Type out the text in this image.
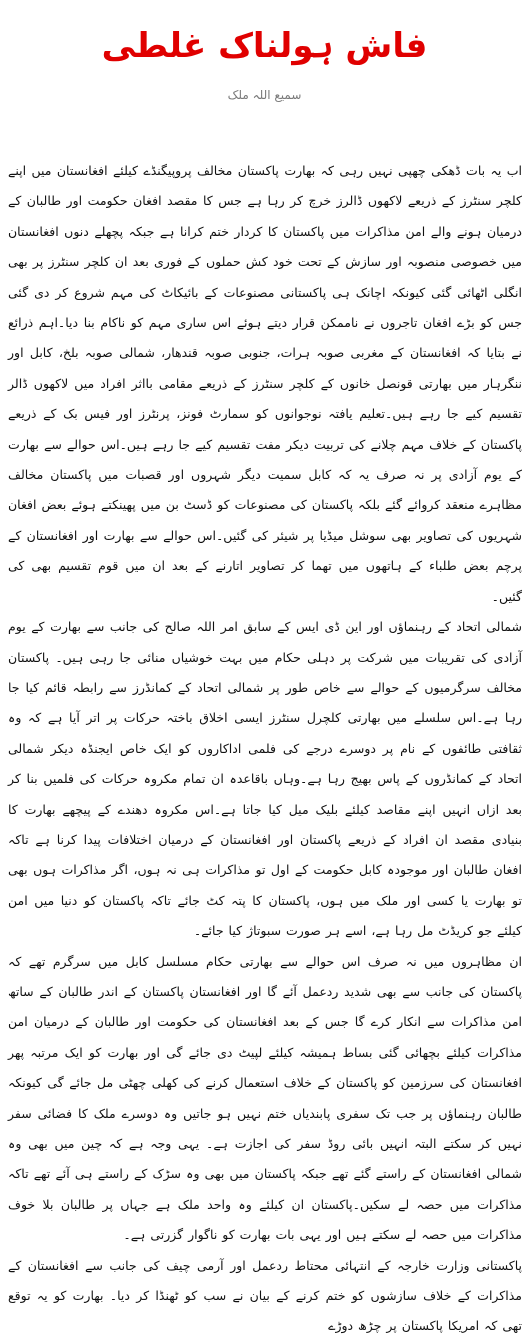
فاش ہولناک غلطی
سمیع اللہ ملک

اب یہ بات ڈھکی چھپی نہیں رہی کہ بھارت پاکستان مخالف پروپیگنڈے کیلئے افغانستان میں اپنے کلچر سنٹرز کے ذریعے لاکھوں ڈالرز خرچ کر رہا ہے جس کا مقصد افغان حکومت اور طالبان کے درمیان ہونے والے امن مذاکرات میں پاکستان کا کردار ختم کرانا ہے جبکہ پچھلے دنوں افغانستان میں خصوصی منصوبہ اور سازش کے تحت خود کش حملوں کے فوری بعد ان کلچر سنٹرز پر بھی انگلی اٹھائی گئی کیونکہ اچانک ہی پاکستانی مصنوعات کے بائیکاٹ کی مہم شروع کر دی گئی جس کو بڑے افغان تاجروں نے ناممکن قرار دیتے ہوئے اس ساری مہم کو ناکام بنا دیا۔اہم ذرائع نے بتایا کہ افغانستان کے مغربی صوبہ ہرات، جنوبی صوبہ قندھار، شمالی صوبہ بلخ، کابل اور ننگرہار میں بھارتی قونصل خانوں کے کلچر سنٹرز کے ذریعے مقامی بااثر افراد میں لاکھوں ڈالر تقسیم کیے جا رہے ہیں۔تعلیم یافتہ نوجوانوں کو سمارٹ فونز، پرنٹرز اور فیس بک کے ذریعے پاکستان کے خلاف مہم چلانے کی تربیت دیکر مفت تقسیم کیے جا رہے ہیں۔اس حوالے سے بھارت کے یوم آزادی پر نہ صرف یہ کہ کابل سمیت دیگر شہروں اور قصبات میں پاکستان مخالف مظاہرے منعقد کروائے گئے بلکہ پاکستان کی مصنوعات کو ڈسٹ بن میں پھینکتے ہوئے بعض افغان شہریوں کی تصاویر بھی سوشل میڈیا پر شیئر کی گئیں۔اس حوالے سے بھارت اور افغانستان کے پرچم بعض طلباء کے ہاتھوں میں تھما کر تصاویر اتارنے کے بعد ان میں قوم تقسیم بھی کی گئیں۔

شمالی اتحاد کے رہنماؤں اور این ڈی ایس کے سابق امر اللہ صالح کی جانب سے بھارت کے یوم آزادی کی تقریبات میں شرکت پر دہلی حکام میں بہت خوشیاں منائی جا رہی ہیں۔ پاکستان مخالف سرگرمیوں کے حوالے سے خاص طور پر شمالی اتحاد کے کمانڈرز سے رابطہ قائم کیا جا رہا ہے۔اس سلسلے میں بھارتی کلچرل سنٹرز ایسی اخلاق باختہ حرکات پر اتر آیا ہے کہ وہ ثقافتی طائفوں کے نام پر دوسرے درجے کی فلمی اداکاروں کو ایک خاص ایجنڈہ دیکر شمالی اتحاد کے کمانڈروں کے پاس بھیج رہا ہے۔وہاں باقاعدہ ان تمام مکروہ حرکات کی فلمیں بنا کر بعد ازاں انہیں اپنے مقاصد کیلئے بلیک میل کیا جاتا ہے۔اس مکروہ دھندے کے پیچھے بھارت کا بنیادی مقصد ان افراد کے ذریعے پاکستان اور افغانستان کے درمیان اختلافات پیدا کرنا ہے تاکہ افغان طالبان اور موجودہ کابل حکومت کے اول تو مذاکرات ہی نہ ہوں، اگر مذاکرات ہوں بھی تو بھارت یا کسی اور ملک میں ہوں، پاکستان کا پتہ کٹ جائے تاکہ پاکستان کو دنیا میں امن کیلئے جو کریڈٹ مل رہا ہے، اسے ہر صورت سبوتاژ کیا جائے۔

ان مظاہروں میں نہ صرف اس حوالے سے بھارتی حکام مسلسل کابل میں سرگرم تھے کہ پاکستان کی جانب سے بھی شدید ردعمل آئے گا اور افغانستان پاکستان کے اندر طالبان کے ساتھ امن مذاکرات سے انکار کرے گا جس کے بعد افغانستان کی حکومت اور طالبان کے درمیان امن مذاکرات کیلئے بچھائی گئی بساط ہمیشہ کیلئے لپیٹ دی جائے گی اور بھارت کو ایک مرتبہ پھر افغانستان کی سرزمین کو پاکستان کے خلاف استعمال کرنے کی کھلی چھٹی مل جائے گی کیونکہ طالبان رہنماؤں پر جب تک سفری پابندیاں ختم نہیں ہو جاتیں وہ دوسرے ملک کا فضائی سفر نہیں کر سکتے البتہ انہیں بائی روڈ سفر کی اجازت ہے۔ یہی وجہ ہے کہ چین میں بھی وہ شمالی افغانستان کے راستے گئے تھے جبکہ پاکستان میں بھی وہ سڑک کے راستے ہی آئے تھے تاکہ مذاکرات میں حصہ لے سکیں۔پاکستان ان کیلئے وہ واحد ملک ہے جہاں پر طالبان بلا خوف مذاکرات میں حصہ لے سکتے ہیں اور یہی بات بھارت کو ناگوار گزرتی ہے۔

پاکستانی وزارت خارجہ کے انتہائی محتاط ردعمل اور آرمی چیف کی جانب سے افغانستان کے مذاکرات کے خلاف سازشوں کو ختم کرنے کے بیان نے سب کو ٹھنڈا کر دیا۔ بھارت کو یہ توقع تھی کہ امریکا پاکستان پر چڑھ دوڑے
